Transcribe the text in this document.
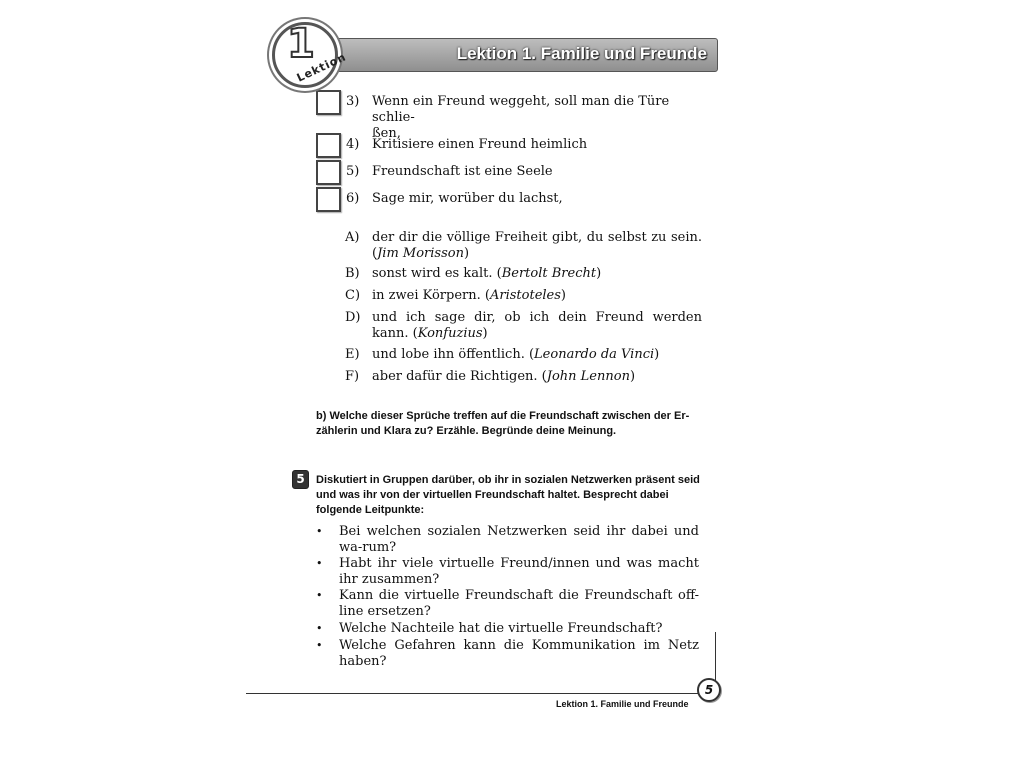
1
Lektion	Lektion 1. Familie und Freunde
3) Wenn ein Freund weggeht, soll man die Türe schlie-
ßen,
4) Kritisiere einen Freund heimlich
5) Freundschaft ist eine Seele
6) Sage mir, worüber du lachst,
A) der dir die völlige Freiheit gibt, du selbst zu sein. (Jim Morisson)
B) sonst wird es kalt. (Bertolt Brecht)
C) in zwei Körpern. (Aristoteles)
D) und ich sage dir, ob ich dein Freund werden kann. (Konfuzius)
E) und lobe ihn öffentlich. (Leonardo da Vinci)
F) aber dafür die Richtigen. (John Lennon)
b) Welche dieser Sprüche treffen auf die Freundschaft zwischen der Er-zählerin und Klara zu? Erzähle. Begründe deine Meinung.
5	Diskutiert in Gruppen darüber, ob ihr in sozialen Netzwerken präsent seid und was ihr von der virtuellen Freundschaft haltet. Besprecht dabei folgende Leitpunkte:
• Bei welchen sozialen Netzwerken seid ihr dabei und wa-rum?
• Habt ihr viele virtuelle Freund/innen und was macht ihr zusammen?
• Kann die virtuelle Freundschaft die Freundschaft off-line ersetzen?
• Welche Nachteile hat die virtuelle Freundschaft?
• Welche Gefahren kann die Kommunikation im Netz haben?
5
Lektion 1. Familie und Freunde
